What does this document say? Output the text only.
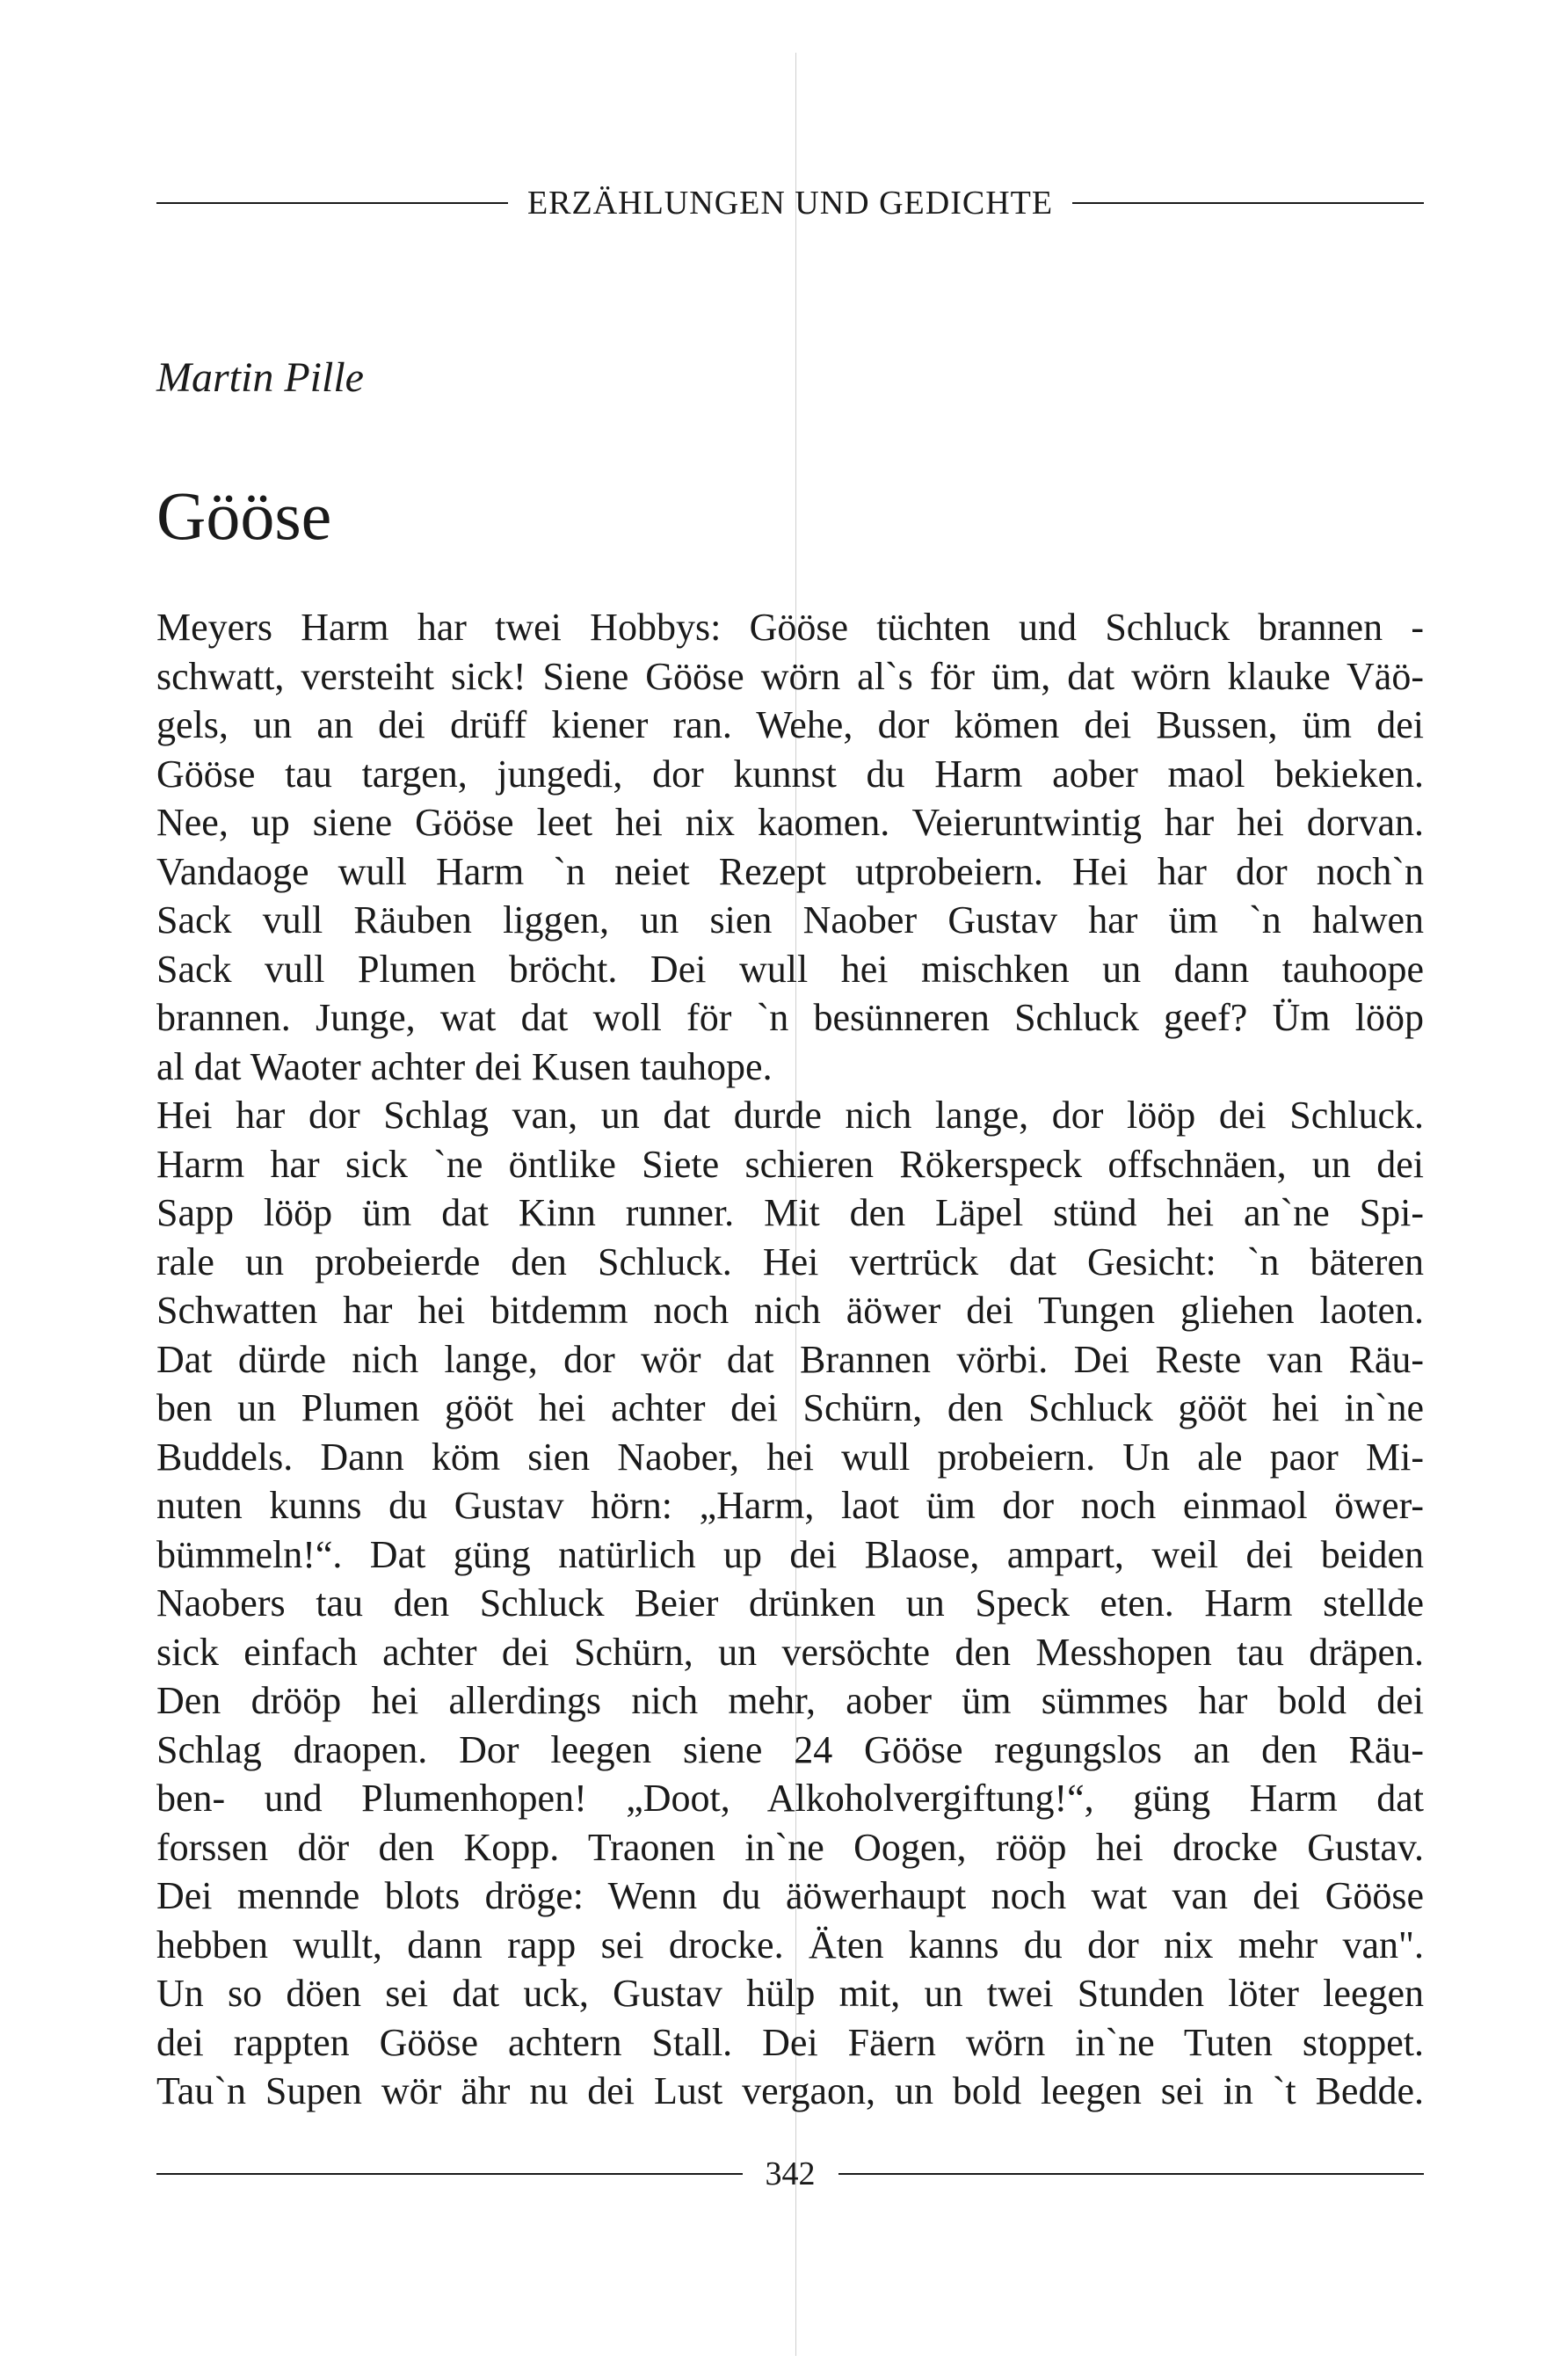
ERZÄHLUNGEN UND GEDICHTE

Martin Pille

Gööse
Meyers Harm har twei Hobbys: Gööse tüchten und Schluck brannen -
schwatt, versteiht sick! Siene Gööse wörn al`s för üm, dat wörn klauke Väö-
gels, un an dei drüff kiener ran. Wehe, dor kömen dei Bussen, üm dei
Gööse tau targen, jungedi, dor kunnst du Harm aober maol bekieken.
Nee, up siene Gööse leet hei nix kaomen. Veieruntwintig har hei dorvan.
Vandaoge wull Harm `n neiet Rezept utprobeiern. Hei har dor noch`n
Sack vull Räuben liggen, un sien Naober Gustav har üm `n halwen
Sack vull Plumen bröcht. Dei wull hei mischken un dann tauhoope
brannen. Junge, wat dat woll för `n besünneren Schluck geef? Üm lööp
al dat Waoter achter dei Kusen tauhope.
Hei har dor Schlag van, un dat durde nich lange, dor lööp dei Schluck.
Harm har sick `ne öntlike Siete schieren Rökerspeck offschnäen, un dei
Sapp lööp üm dat Kinn runner. Mit den Läpel stünd hei an`ne Spi-
rale un probeierde den Schluck. Hei vertrück dat Gesicht: `n bäteren
Schwatten har hei bitdemm noch nich äöwer dei Tungen gliehen laoten.
Dat dürde nich lange, dor wör dat Brannen vörbi. Dei Reste van Räu-
ben un Plumen gööt hei achter dei Schürn, den Schluck gööt hei in`ne
Buddels. Dann köm sien Naober, hei wull probeiern. Un ale paor Mi-
nuten kunns du Gustav hörn: „Harm, laot üm dor noch einmaol öwer-
bümmeln!“. Dat güng natürlich up dei Blaose, ampart, weil dei beiden
Naobers tau den Schluck Beier drünken un Speck eten. Harm stellde
sick einfach achter dei Schürn, un versöchte den Messhopen tau dräpen.
Den drööp hei allerdings nich mehr, aober üm sümmes har bold dei
Schlag draopen. Dor leegen siene 24 Gööse regungslos an den Räu-
ben- und Plumenhopen! „Doot, Alkoholvergiftung!“, güng Harm dat
forssen dör den Kopp. Traonen in`ne Oogen, rööp hei drocke Gustav.
Dei mennde blots dröge: Wenn du äöwerhaupt noch wat van dei Gööse
hebben wullt, dann rapp sei drocke. Äten kanns du dor nix mehr van".
Un so döen sei dat uck, Gustav hülp mit, un twei Stunden löter leegen
dei rappten Gööse achtern Stall. Dei Fäern wörn in`ne Tuten stoppet.
Tau`n Supen wör ähr nu dei Lust vergaon, un bold leegen sei in `t Bedde.
342
